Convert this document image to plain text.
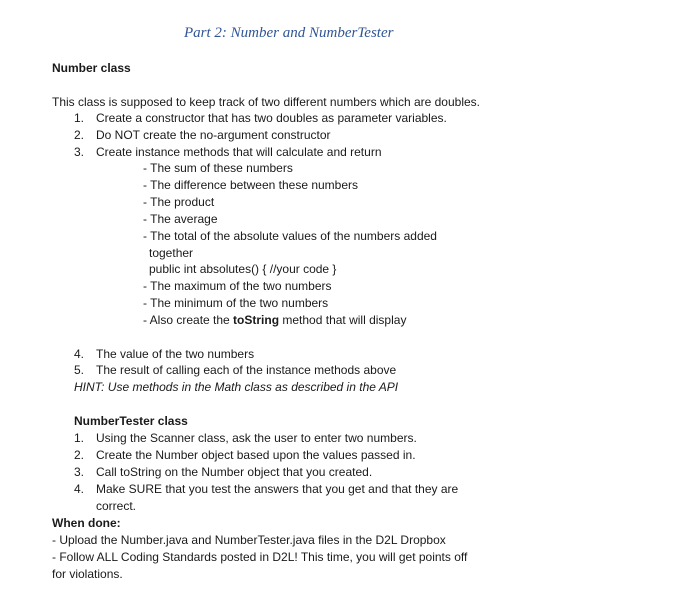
Part 2: Number and NumberTester
Number class
This class is supposed to keep track of two different numbers which are doubles.
1. Create a constructor that has two doubles as parameter variables.
2. Do NOT create the no-argument constructor
3. Create instance methods that will calculate and return
- The sum of these numbers
- The difference between these numbers
- The product
- The average
- The total of the absolute values of the numbers added
together
public int absolutes() { //your code }
- The maximum of the two numbers
- The minimum of the two numbers
- Also create the toString method that will display
4. The value of the two numbers
5. The result of calling each of the instance methods above
HINT: Use methods in the Math class as described in the API
NumberTester class
1. Using the Scanner class, ask the user to enter two numbers.
2. Create the Number object based upon the values passed in.
3. Call toString on the Number object that you created.
4. Make SURE that you test the answers that you get and that they are
correct.
When done:
- Upload the Number.java and NumberTester.java files in the D2L Dropbox
- Follow ALL Coding Standards posted in D2L! This time, you will get points off
for violations.
